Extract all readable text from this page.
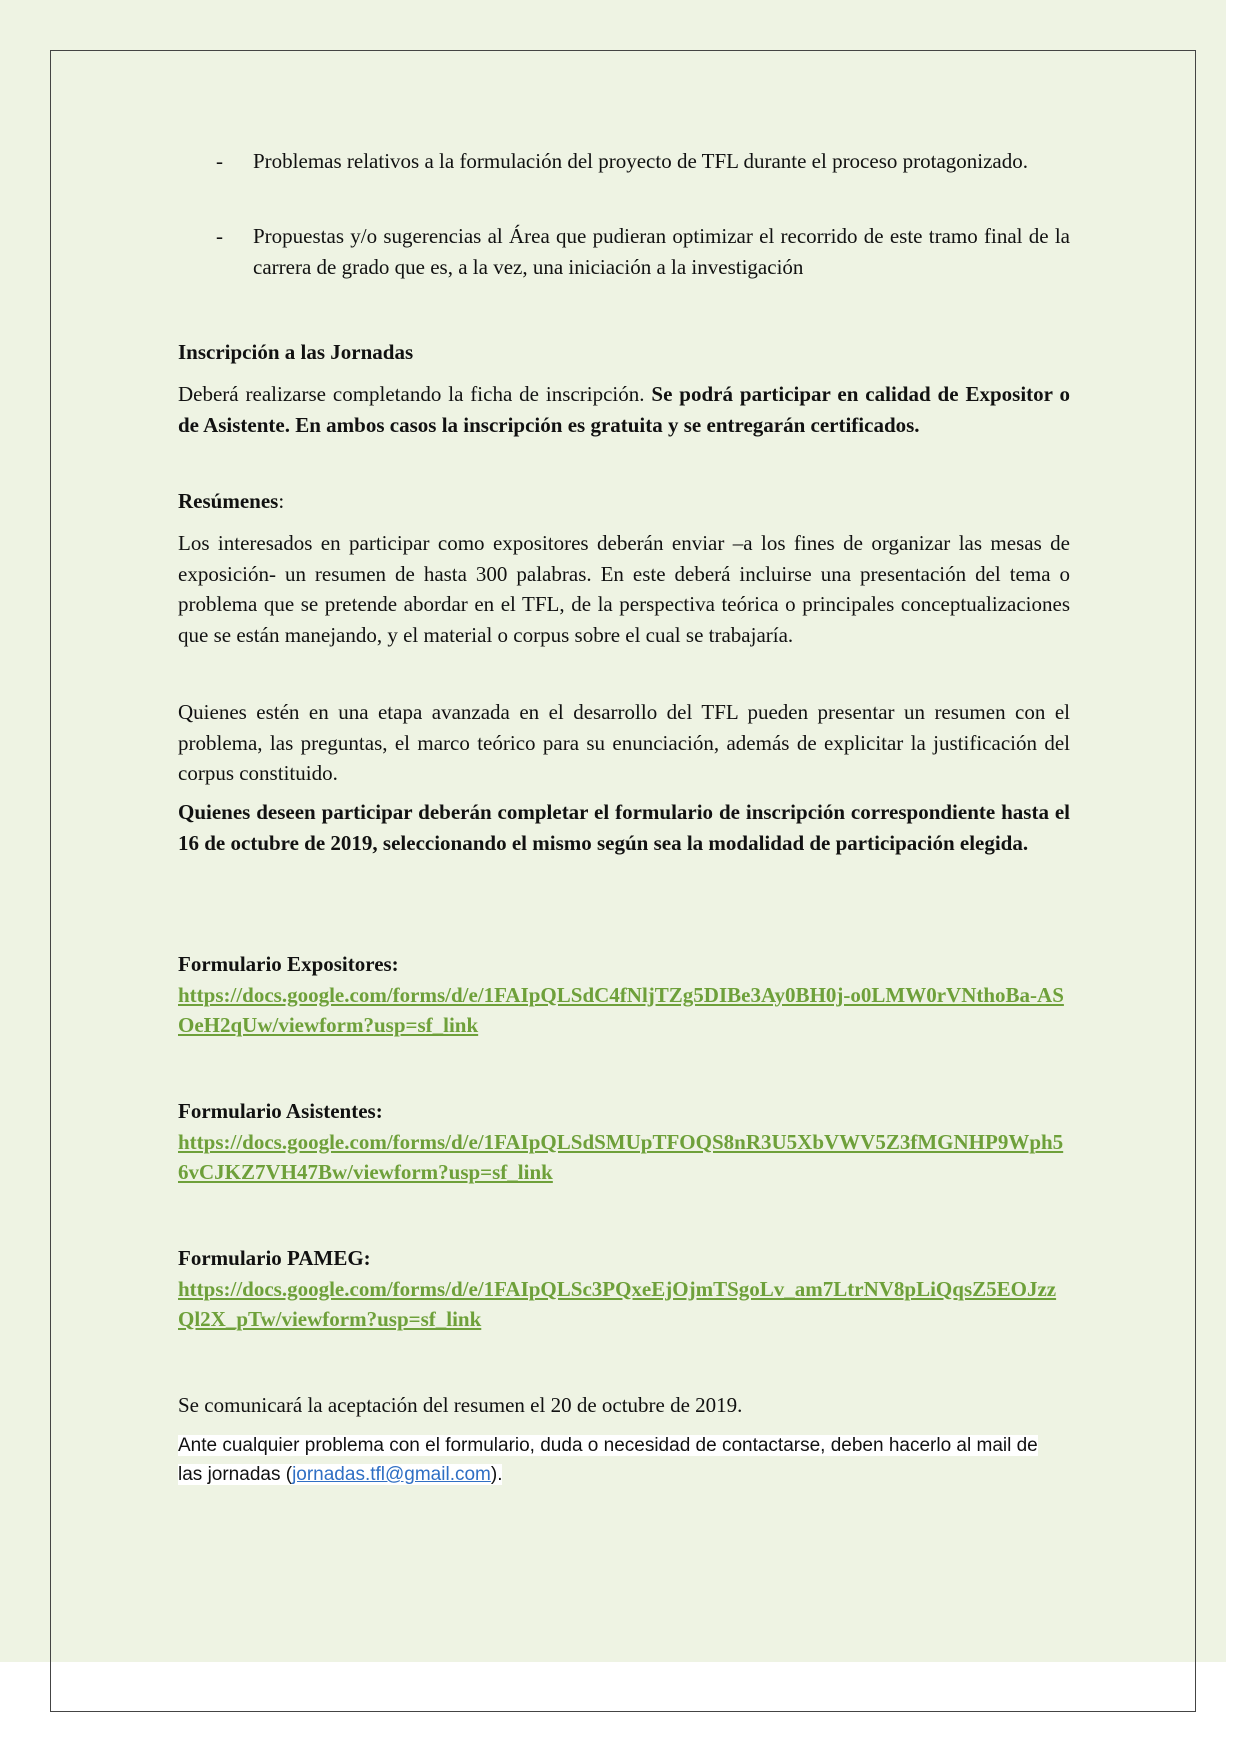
- Problemas relativos a la formulación del proyecto de TFL durante el proceso protagonizado.
- Propuestas y/o sugerencias al Área que pudieran optimizar el recorrido de este tramo final de la carrera de grado que es, a la vez, una iniciación a la investigación

Inscripción a las Jornadas

Deberá realizarse completando la ficha de inscripción. Se podrá participar en calidad de Expositor o de Asistente. En ambos casos la inscripción es gratuita y se entregarán certificados.

Resúmenes:

Los interesados en participar como expositores deberán enviar –a los fines de organizar las mesas de exposición- un resumen de hasta 300 palabras. En este deberá incluirse una presentación del tema o problema que se pretende abordar en el TFL, de la perspectiva teórica o principales conceptualizaciones que se están manejando, y el material o corpus sobre el cual se trabajaría.

Quienes estén en una etapa avanzada en el desarrollo del TFL pueden presentar un resumen con el problema, las preguntas, el marco teórico para su enunciación, además de explicitar la justificación del corpus constituido.

Quienes deseen participar deberán completar el formulario de inscripción correspondiente hasta el 16 de octubre de 2019, seleccionando el mismo según sea la modalidad de participación elegida.

Formulario Expositores:
https://docs.google.com/forms/d/e/1FAIpQLSdC4fNljTZg5DIBe3Ay0BH0j-o0LMW0rVNthoBa-ASOeH2qUw/viewform?usp=sf_link
Formulario Asistentes:
https://docs.google.com/forms/d/e/1FAIpQLSdSMUpTFOQS8nR3U5XbVWV5Z3fMGNHP9Wph56vCJKZ7VH47Bw/viewform?usp=sf_link
Formulario PAMEG:
https://docs.google.com/forms/d/e/1FAIpQLSc3PQxeEjOjmTSgoLv_am7LtrNV8pLiQqsZ5EOJzzQl2X_pTw/viewform?usp=sf_link

Se comunicará la aceptación del resumen el 20 de octubre de 2019.

Ante cualquier problema con el formulario, duda o necesidad de contactarse, deben hacerlo al mail de las jornadas (jornadas.tfl@gmail.com).
